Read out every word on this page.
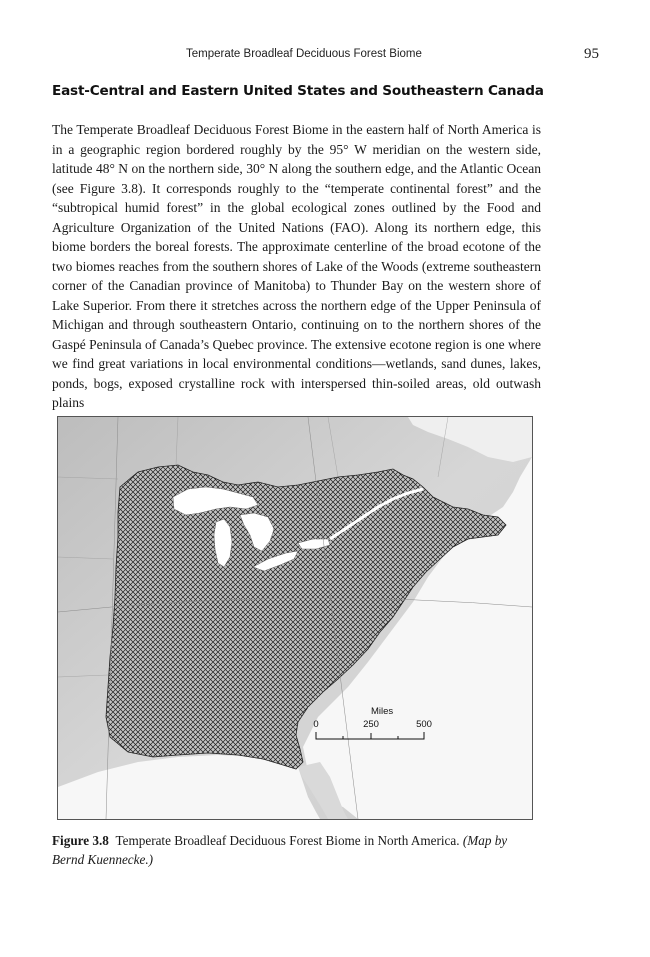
Temperate Broadleaf Deciduous Forest Biome	95
East-Central and Eastern United States and Southeastern Canada

The Temperate Broadleaf Deciduous Forest Biome in the eastern half of North America is in a geographic region bordered roughly by the 95° W meridian on the western side, latitude 48° N on the northern side, 30° N along the southern edge, and the Atlantic Ocean (see Figure 3.8). It corresponds roughly to the “temperate continental forest” and the “subtropical humid forest” in the global ecological zones outlined by the Food and Agriculture Organization of the United Nations (FAO). Along its northern edge, this biome borders the boreal forests. The approximate centerline of the broad ecotone of the two biomes reaches from the southern shores of Lake of the Woods (extreme southeastern corner of the Canadian province of Manitoba) to Thunder Bay on the western shore of Lake Superior. From there it stretches across the northern edge of the Upper Peninsula of Michigan and through southeastern Ontario, continuing on to the northern shores of the Gaspé Peninsula of Canada’s Quebec province. The extensive ecotone region is one where we find great variations in local environmental conditions—wetlands, sand dunes, lakes, ponds, bogs, exposed crystalline rock with interspersed thin-soiled areas, old outwash plains

Miles
0	250	500

Figure 3.8 Temperate Broadleaf Deciduous Forest Biome in North America. (Map by Bernd Kuennecke.)
